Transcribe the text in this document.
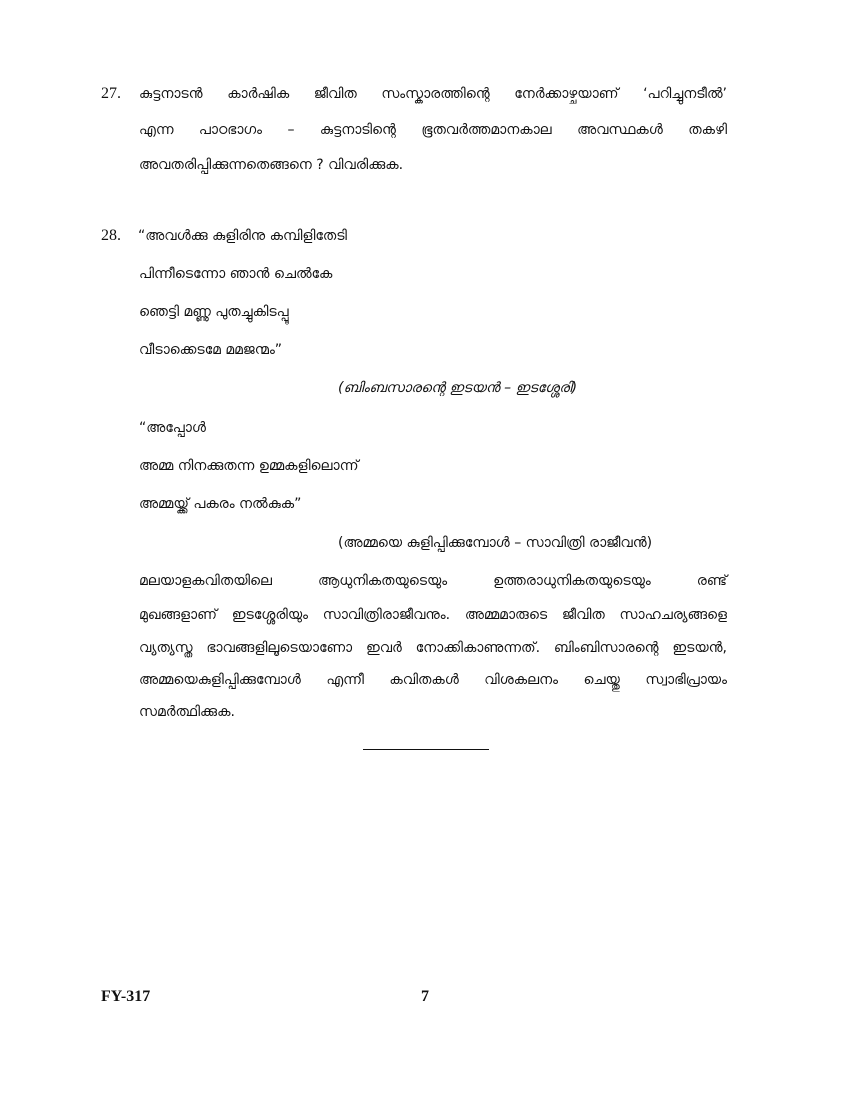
27. കുട്ടനാടൻ കാർഷിക ജീവിത സംസ്കാരത്തിന്റെ നേർക്കാഴ്ചയാണ് ‘പറിച്ചുനടീൽ’
എന്ന പാഠഭാഗം – കുട്ടനാടിന്റെ ഭൂതവർത്തമാനകാല അവസ്ഥകൾ തകഴി
അവതരിപ്പിക്കുന്നതെങ്ങനെ ? വിവരിക്കുക.
28. “അവൾക്കു കുളിരിനു കമ്പിളിതേടി
പിന്നീടെന്നോ ഞാൻ ചെൽകേ
ഞെട്ടി മണ്ണു പുതച്ചുകിടപ്പൂ
വീടാക്കെടമേ മമജന്മം”
(ബിംബസാരന്റെ ഇടയൻ – ഇടശ്ശേരി)
“അപ്പോൾ
അമ്മ നിനക്കുതന്ന ഉമ്മകളിലൊന്ന്
അമ്മയ്ക്ക് പകരം നൽകുക”
(അമ്മയെ കുളിപ്പിക്കുമ്പോൾ – സാവിത്രി രാജീവൻ)
മലയാളകവിതയിലെ ആധുനികതയുടെയും ഉത്തരാധുനികതയുടെയും രണ്ട്
മുഖങ്ങളാണ് ഇടശ്ശേരിയും സാവിത്രിരാജീവനും. അമ്മമാരുടെ ജീവിത സാഹചര്യങ്ങളെ
വ്യത്യസ്ത ഭാവങ്ങളിലൂടെയാണോ ഇവർ നോക്കികാണുന്നത്. ബിംബിസാരന്റെ ഇടയൻ,
അമ്മയെകുളിപ്പിക്കുമ്പോൾ എന്നീ കവിതകൾ വിശകലനം ചെയ്തു സ്വാഭിപ്രായം
സമർത്ഥിക്കുക.
FY-317	7
